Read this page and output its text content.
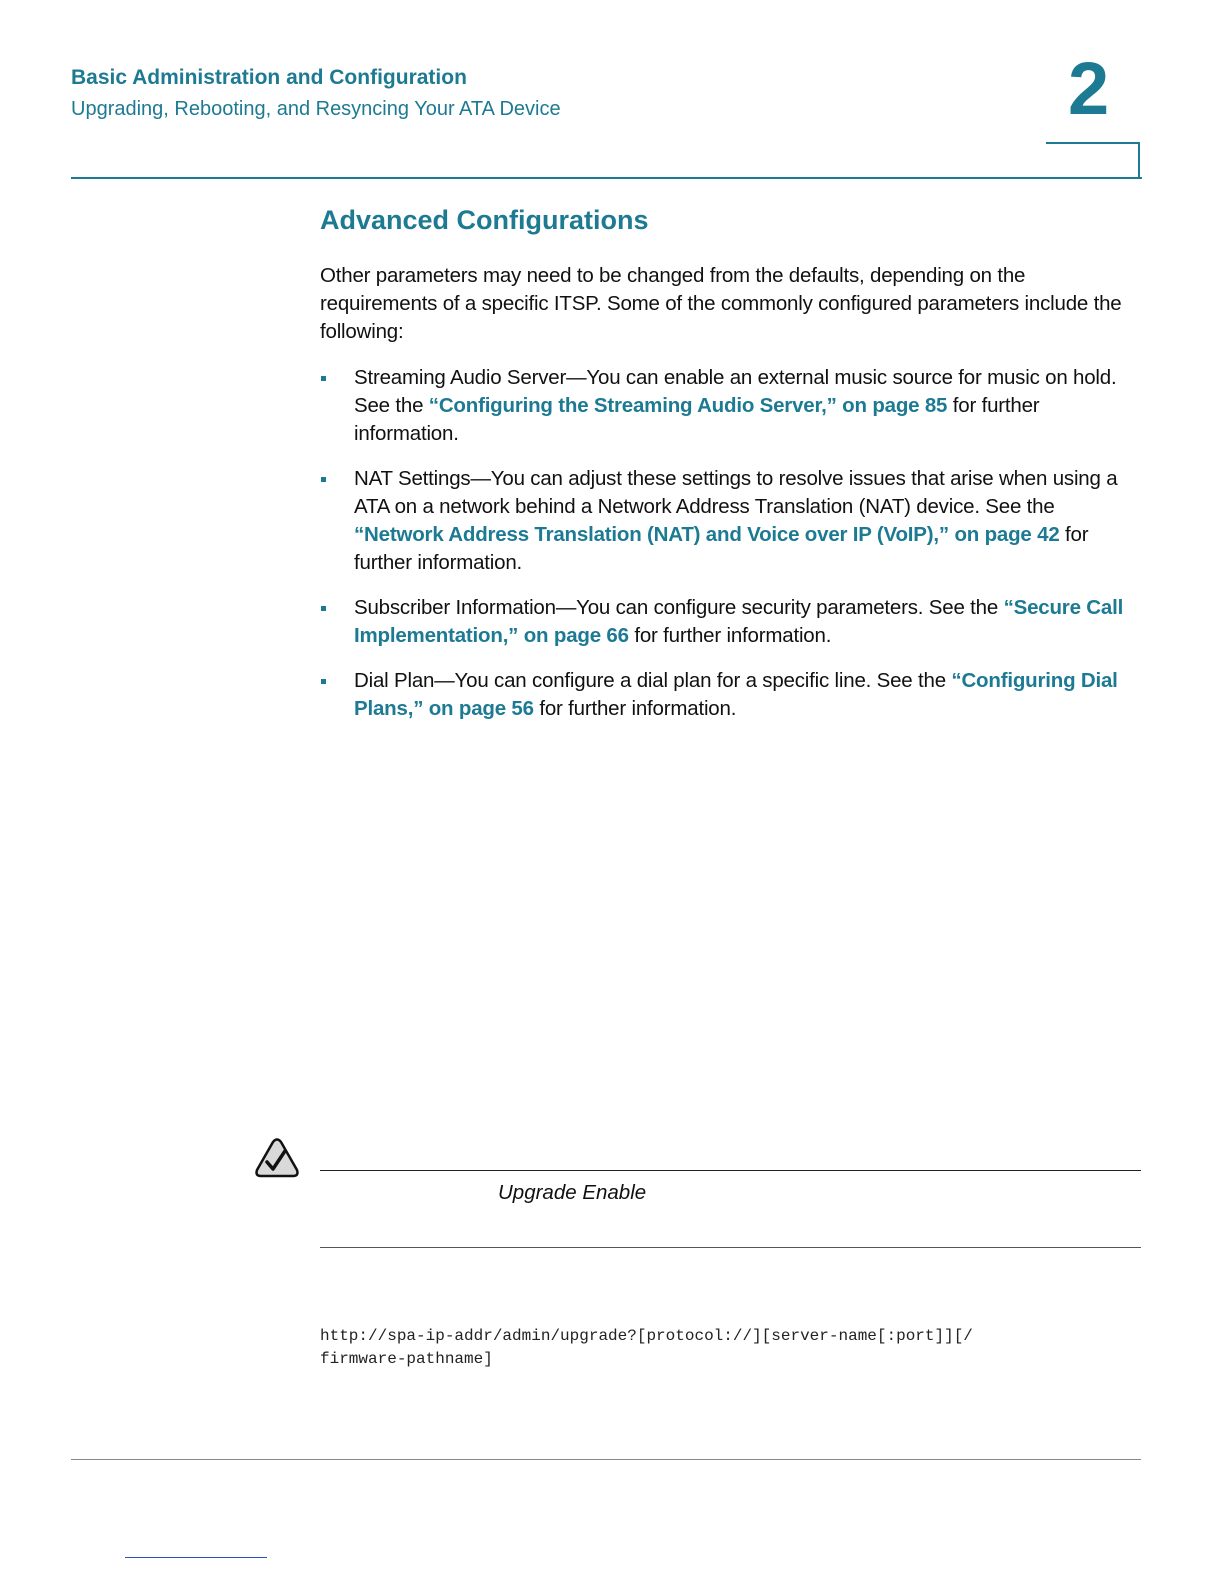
Basic Administration and Configuration
Upgrading, Rebooting, and Resyncing Your ATA Device	2
Advanced Configurations
Other parameters may need to be changed from the defaults, depending on the requirements of a specific ITSP. Some of the commonly configured parameters include the following:
Streaming Audio Server—You can enable an external music source for music on hold. See the “Configuring the Streaming Audio Server,” on page 85 for further information.
NAT Settings—You can adjust these settings to resolve issues that arise when using a ATA on a network behind a Network Address Translation (NAT) device. See the “Network Address Translation (NAT) and Voice over IP (VoIP),” on page 42 for further information.
Subscriber Information—You can configure security parameters. See the “Secure Call Implementation,” on page 66 for further information.
Dial Plan—You can configure a dial plan for a specific line. See the “Configuring Dial Plans,” on page 56 for further information.
Upgrade Enable
http://spa-ip-addr/admin/upgrade?[protocol://][server-name[:port]][/
firmware-pathname]
